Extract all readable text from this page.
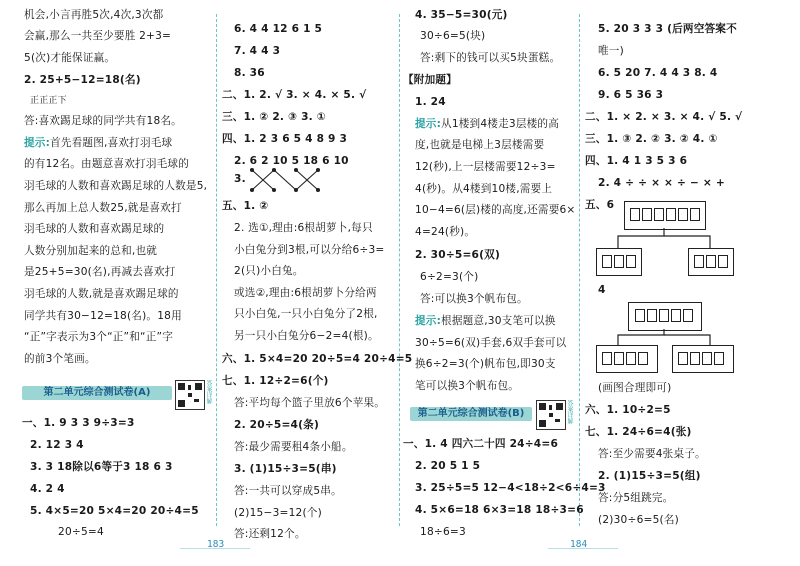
机会,小言再胜5次,4次,3次都
会赢,那么一共至少要胜 2+3=
5(次)才能保证赢。
2. 25+5−12=18(名)
正正正下
答:喜欢踢足球的同学共有18名。
提示:首先看题图,喜欢打羽毛球
的有12名。由题意喜欢打羽毛球的
羽毛球的人数和喜欢踢足球的人数是5,
那么再加上总人数25,就是喜欢打
羽毛球的人数和喜欢踢足球的
人数分别加起来的总和,也就
是25+5=30(名),再减去喜欢打
羽毛球的人数,就是喜欢踢足球的
同学共有30−12=18(名)。18用
“正”字表示为3个“正”和“正”字
的前3个笔画。
第二单元综合测试卷(A)	答案详解
一、1. 9 3 3 9÷3=3
2. 12 3 4
3. 3 18除以6等于3 18 6 3
4. 2 4
5. 4×5=20 5×4=20 20÷4=5
20÷5=4
6. 4 4 12 6 1 5
7. 4 4 3
8. 36
二、1. 2. √ 3. × 4. × 5. √
三、1. ② 2. ③ 3. ①
四、1. 2 3 6 5 4 8 9 3
2. 6 2 10 5 18 6 10
3.
五、1. ②
2. 选①,理由:6根胡萝卜,每只
小白兔分到3根,可以分给6÷3=
2(只)小白兔。
或选②,理由:6根胡萝卜分给两
只小白兔,一只小白兔分了2根,
另一只小白兔分6−2=4(根)。
六、1. 5×4=20 20÷5=4 20÷4=5
七、1. 12÷2=6(个)
答:平均每个篮子里放6个苹果。
2. 20÷5=4(条)
答:最少需要租4条小船。
3. (1)15÷3=5(串)
答:一共可以穿成5串。
(2)15−3=12(个)
答:还剩12个。
4. 35−5=30(元)
30÷6=5(块)
答:剩下的钱可以买5块蛋糕。
【附加题】
1. 24
提示:从1楼到4楼走3层楼的高
度,也就是电梯上3层楼需要
12(秒),上一层楼需要12÷3=
4(秒)。从4楼到10楼,需要上
10−4=6(层)楼的高度,还需要6×
4=24(秒)。
2. 30÷5=6(双)
6÷2=3(个)
答:可以换3个帆布包。
提示:根据题意,30支笔可以换
30÷5=6(双)手套,6双手套可以
换6÷2=3(个)帆布包,即30支
笔可以换3个帆布包。
第二单元综合测试卷(B)	答案详解
一、1. 4 四六二十四 24÷4=6
2. 20 5 1 5
3. 25÷5=5 12−4<18÷2<6÷4=3
4. 5×6=18 6×3=18 18÷3=6
18÷6=3
5. 20 3 3 3 (后两空答案不
唯一)
6. 5 20 7. 4 4 3 8. 4
9. 6 5 36 3
二、1. × 2. × 3. × 4. √ 5. √
三、1. ③ 2. ② 3. ② 4. ①
四、1. 4 1 3 5 3 6
2. 4 ÷ ÷ × × ÷ − × +
五、6
4
(画图合理即可)
六、1. 10÷2=5
七、1. 24÷6=4(张)
答:至少需要4张桌子。
2. (1)15÷3=5(组)
答:分5组跳完。
(2)30÷6=5(名)
183	184
